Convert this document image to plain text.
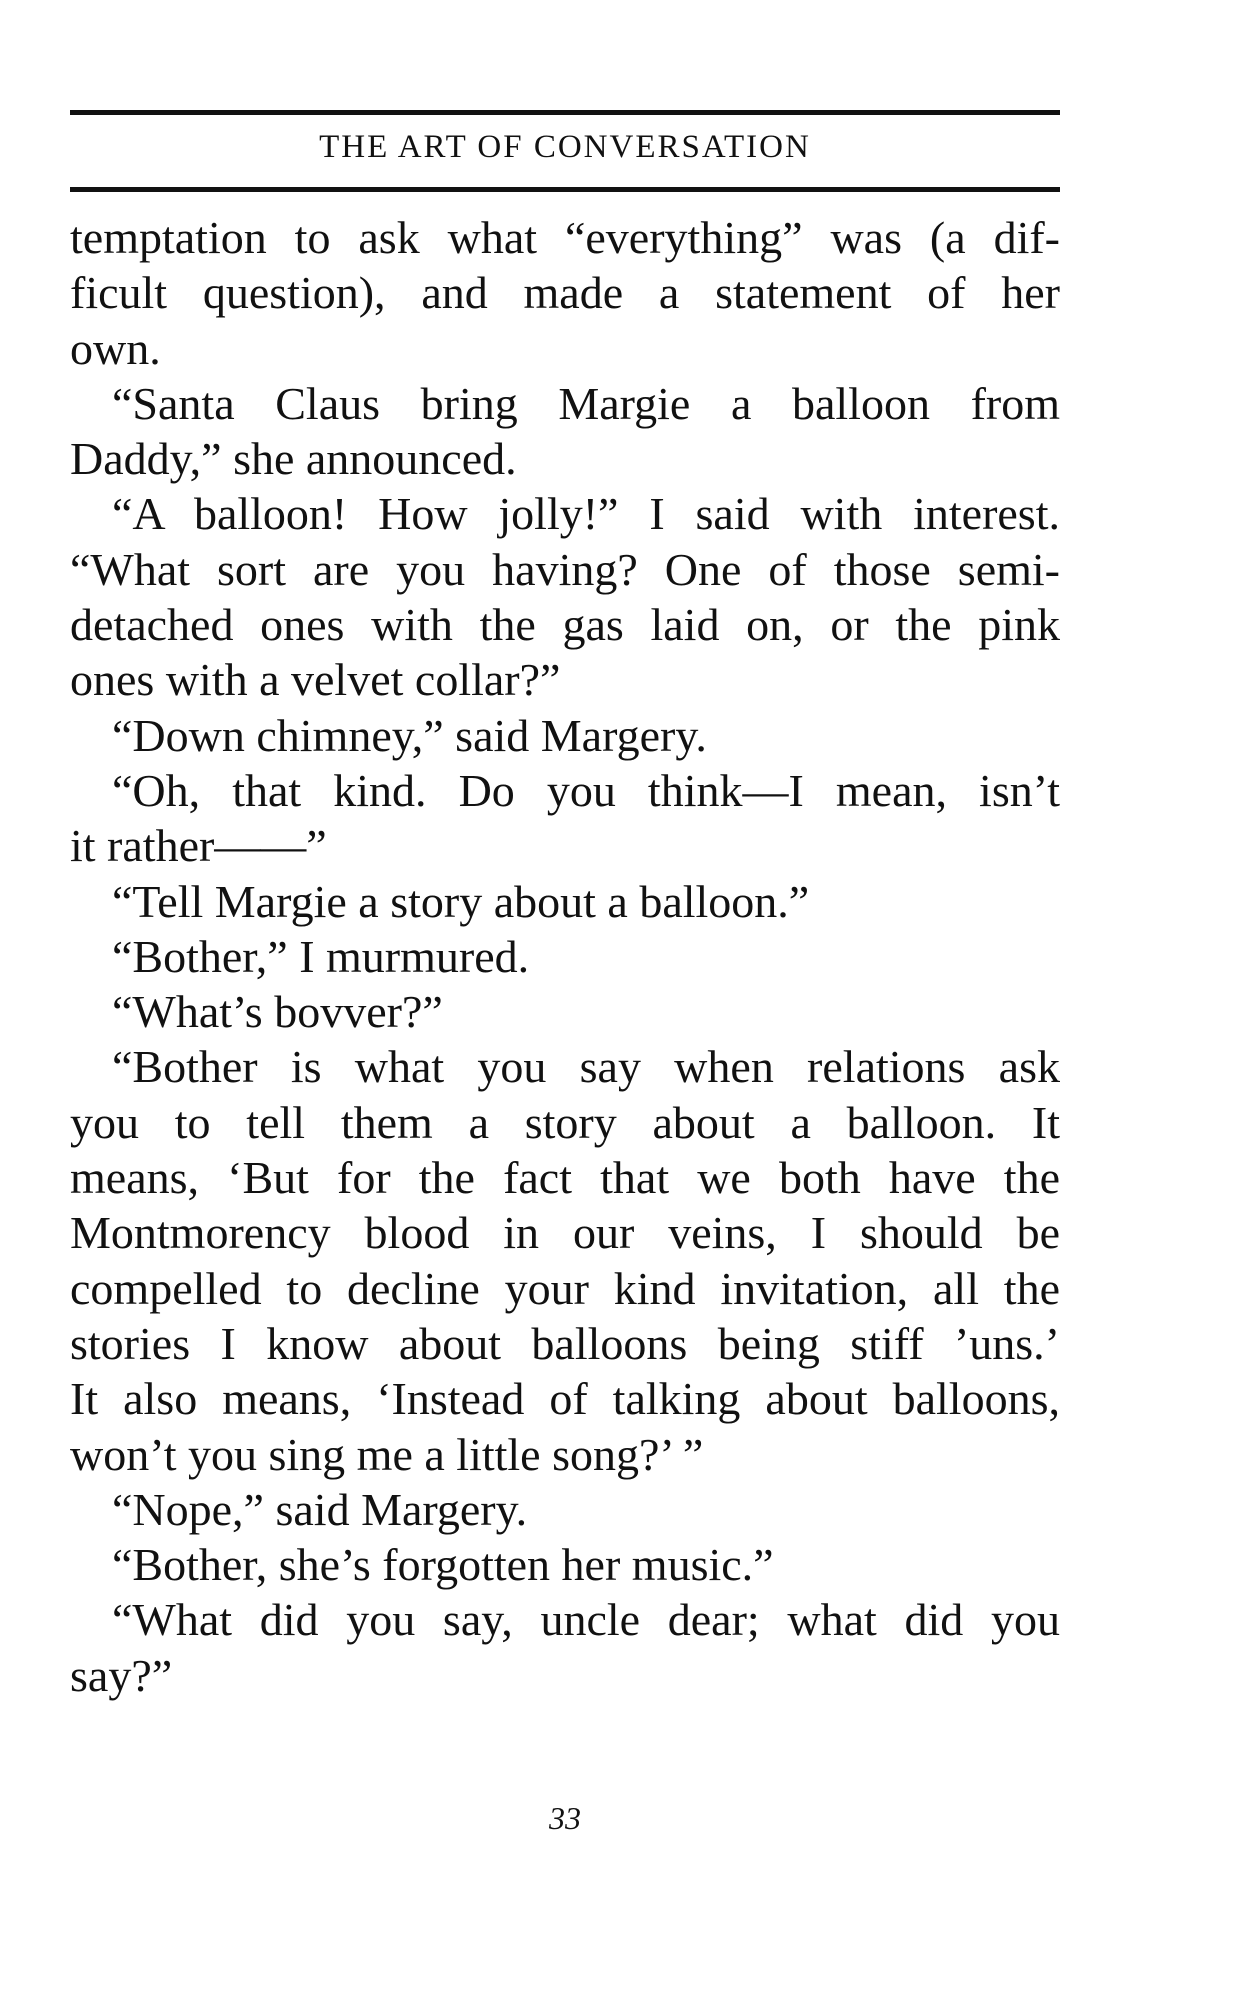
THE ART OF CONVERSATION
temptation to ask what “everything” was (a dif-
ficult question), and made a statement of her
own.
“Santa Claus bring Margie a balloon from
Daddy,” she announced.
“A balloon! How jolly!” I said with interest.
“What sort are you having? One of those semi-
detached ones with the gas laid on, or the pink
ones with a velvet collar?”
“Down chimney,” said Margery.
“Oh, that kind. Do you think—I mean, isn’t
it rather——”
“Tell Margie a story about a balloon.”
“Bother,” I murmured.
“What’s bovver?”
“Bother is what you say when relations ask
you to tell them a story about a balloon. It
means, ‘But for the fact that we both have the
Montmorency blood in our veins, I should be
compelled to decline your kind invitation, all the
stories I know about balloons being stiff ’uns.’
It also means, ‘Instead of talking about balloons,
won’t you sing me a little song?’ ”
“Nope,” said Margery.
“Bother, she’s forgotten her music.”
“What did you say, uncle dear; what did you
say?”
33
